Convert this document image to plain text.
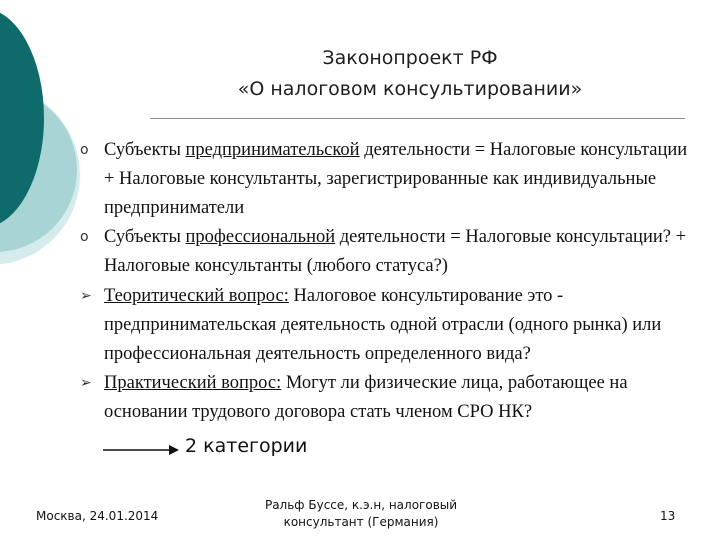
Законопроект РФ
«О налоговом консультировании»
o Субъекты предпринимательской деятельности = Налоговые консультации + Налоговые консультанты, зарегистрированные как индивидуальные предприниматели
o Субъекты профессиональной деятельности = Налоговые консультации? + Налоговые консультанты (любого статуса?)
➢ Теоритический вопрос: Налоговое консультирование это - предпринимательская деятельность одной отрасли (одного рынка) или профессиональная деятельность определенного вида?
➢ Практический вопрос: Могут ли физические лица, работающее на основании трудового договора стать членом СРО НК?
2 категории
Москва, 24.01.2014
Ральф Буссе, к.э.н, налоговый
консультант (Германия)	13
